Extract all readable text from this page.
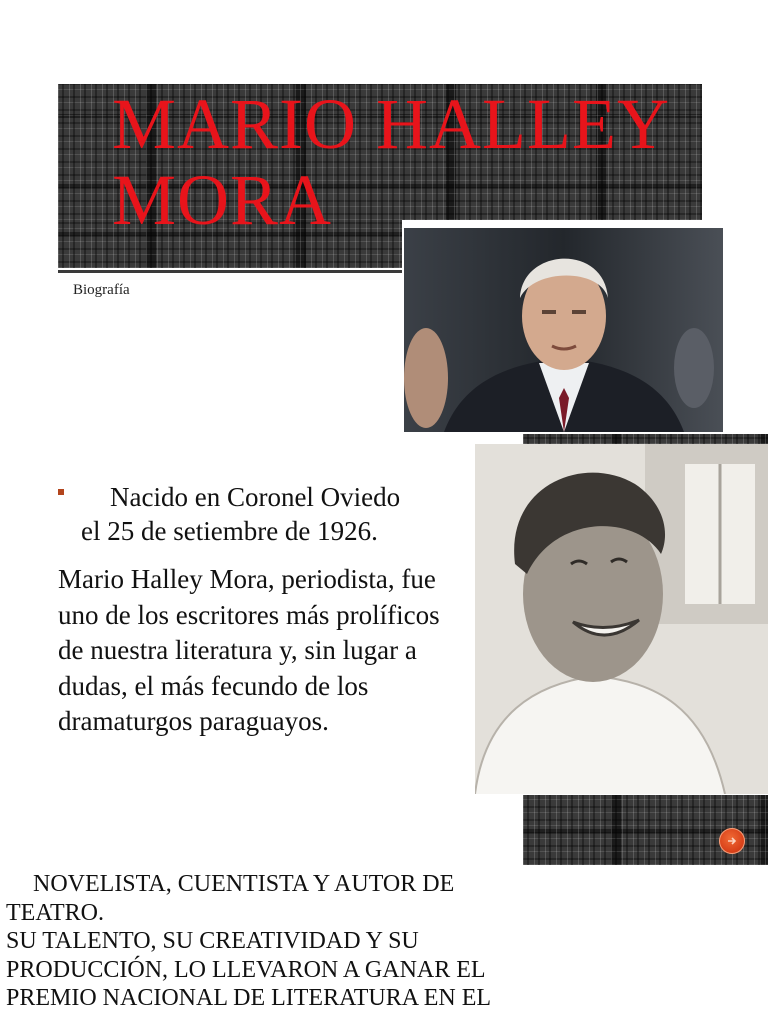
MARIO HALLEY
MORA
Biografía
Nacido en Coronel Oviedo
el 25 de setiembre de 1926.

Mario Halley Mora, periodista, fue uno de los escritores más prolíficos de nuestra literatura y, sin lugar a dudas, el más fecundo de los dramaturgos paraguayos.

NOVELISTA, CUENTISTA Y AUTOR DE
TEATRO.
SU TALENTO, SU CREATIVIDAD Y SU
PRODUCCIÓN, LO LLEVARON A GANAR EL
PREMIO NACIONAL DE LITERATURA EN EL
